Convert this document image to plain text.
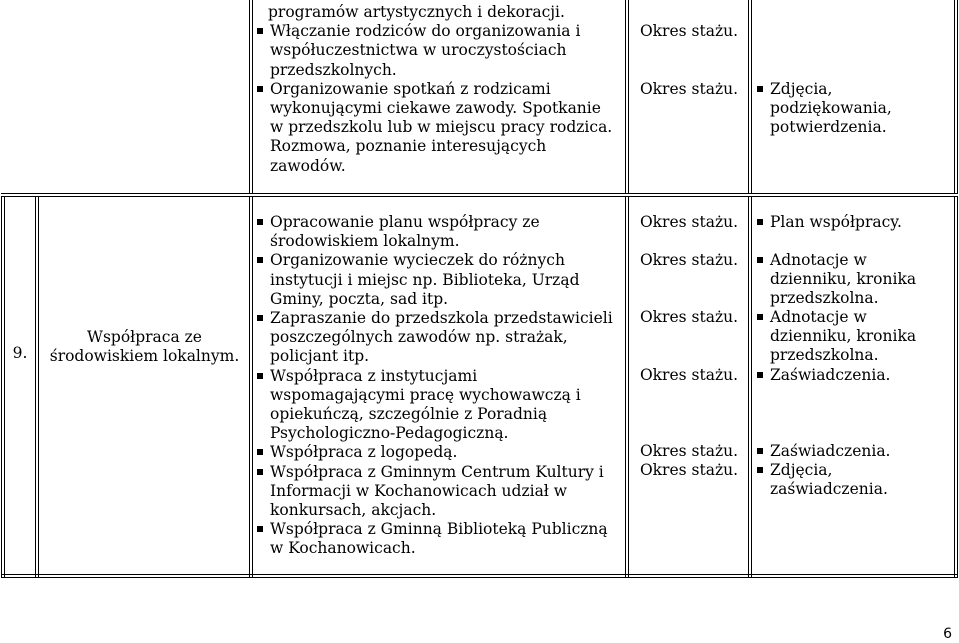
programów artystycznych i dekoracji.

Włączanie rodziców do organizowania i współuczestnictwa w uroczystościach przedszkolnych.

Organizowanie spotkań z rodzicami wykonującymi ciekawe zawody. Spotkanie w przedszkolu lub w miejscu pracy rodzica. Rozmowa, poznanie interesujących zawodów.

Okres stażu.

Okres stażu.	Zdjęcia, podziękowania, potwierdzenia.

9.
Współpraca ze środowiskiem lokalnym.

Opracowanie planu współpracy ze środowiskiem lokalnym.

Organizowanie wycieczek do różnych instytucji i miejsc np. Biblioteka, Urząd Gminy, poczta, sad itp.

Zapraszanie do przedszkola przedstawicieli poszczególnych zawodów np. strażak, policjant itp.

Współpraca z instytucjami wspomagającymi pracę wychowawczą i opiekuńczą, szczególnie z Poradnią Psychologiczno-Pedagogiczną.

Współpraca z logopedą.

Współpraca z Gminnym Centrum Kultury i Informacji w Kochanowicach udział w konkursach, akcjach.

Współpraca z Gminną Biblioteką Publiczną w Kochanowicach.

Okres stażu.
Okres stażu.
Okres stażu.
Okres stażu.
Okres stażu.
Okres stażu.

Plan współpracy.

Adnotacje w dzienniku, kronika przedszkolna.

Adnotacje w dzienniku, kronika przedszkolna.

Zaświadczenia.

Zaświadczenia.

Zdjęcia, zaświadczenia.

6
